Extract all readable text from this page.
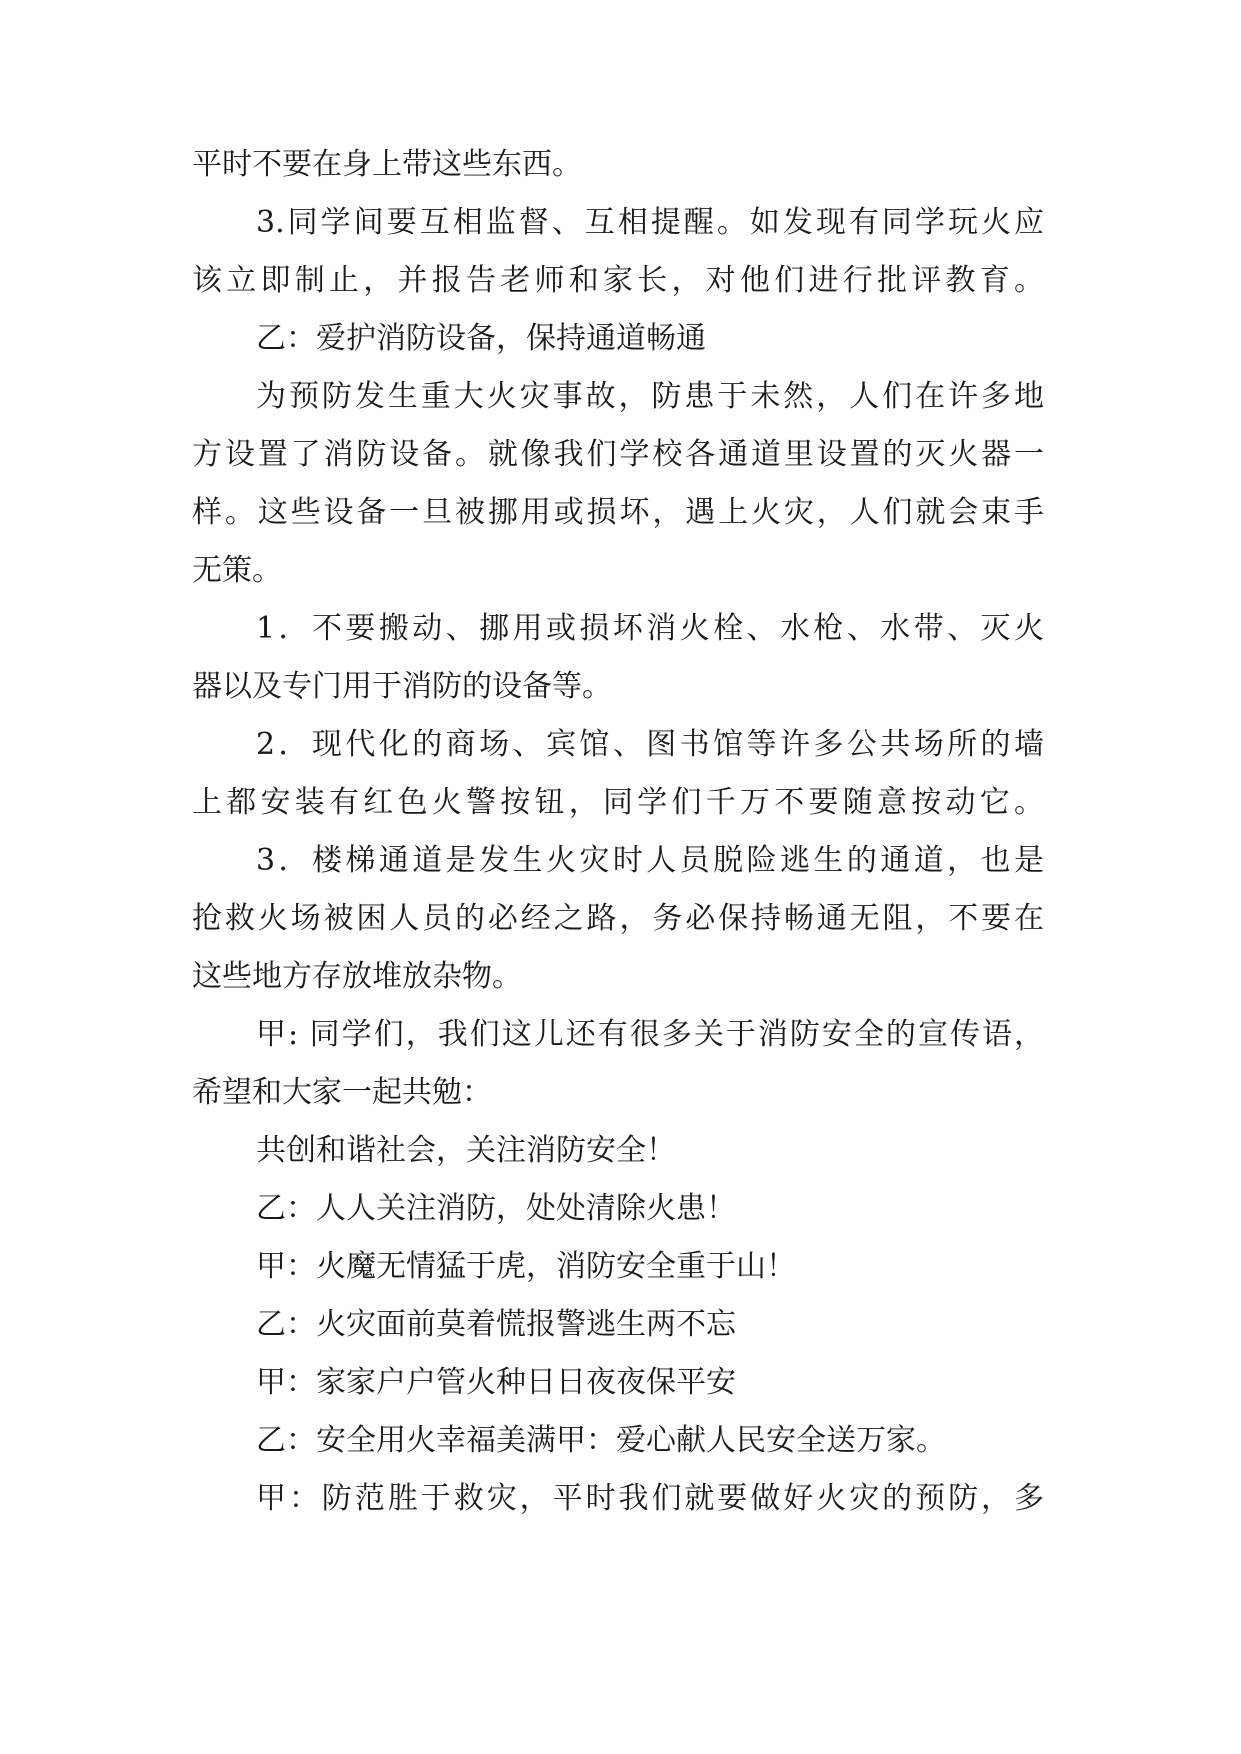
平时不要在身上带这些东西。
3.同学间要互相监督、互相提醒。如发现有同学玩火应
该立即制止，并报告老师和家长，对他们进行批评教育。
乙：爱护消防设备，保持通道畅通
为预防发生重大火灾事故，防患于未然，人们在许多地
方设置了消防设备。就像我们学校各通道里设置的灭火器一
样。这些设备一旦被挪用或损坏，遇上火灾，人们就会束手
无策。
1．不要搬动、挪用或损坏消火栓、水枪、水带、灭火
器以及专门用于消防的设备等。
2．现代化的商场、宾馆、图书馆等许多公共场所的墙
上都安装有红色火警按钮，同学们千万不要随意按动它。
3．楼梯通道是发生火灾时人员脱险逃生的通道，也是
抢救火场被困人员的必经之路，务必保持畅通无阻，不要在
这些地方存放堆放杂物。
甲: 同学们，我们这儿还有很多关于消防安全的宣传语，
希望和大家一起共勉：
共创和谐社会，关注消防安全！
乙：人人关注消防，处处清除火患！
甲：火魔无情猛于虎，消防安全重于山！
乙：火灾面前莫着慌报警逃生两不忘
甲：家家户户管火种日日夜夜保平安
乙：安全用火幸福美满甲：爱心献人民安全送万家。
甲：防范胜于救灾，平时我们就要做好火灾的预防，多
